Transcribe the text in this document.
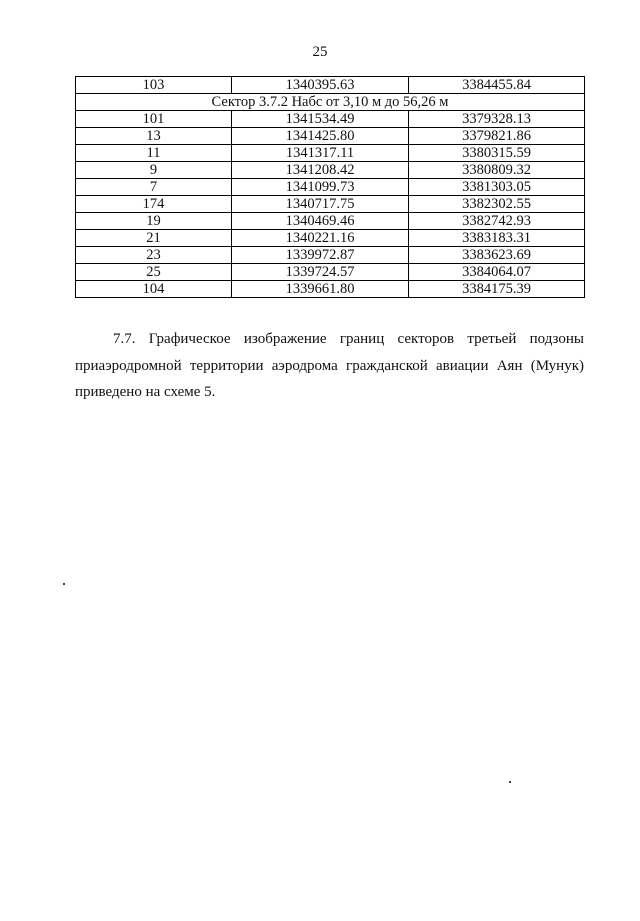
25
103	1340395.63	3384455.84
Сектор 3.7.2 Набс от 3,10 м до 56,26 м		
101	1341534.49	3379328.13
13	1341425.80	3379821.86
11	1341317.11	3380315.59
9	1341208.42	3380809.32
7	1341099.73	3381303.05
174	1340717.75	3382302.55
19	1340469.46	3382742.93
21	1340221.16	3383183.31
23	1339972.87	3383623.69
25	1339724.57	3384064.07
104	1339661.80	3384175.39

7.7. Графическое изображение границ секторов третьей подзоны приаэродромной территории аэродрома гражданской авиации Аян (Мунук) приведено на схеме 5.
